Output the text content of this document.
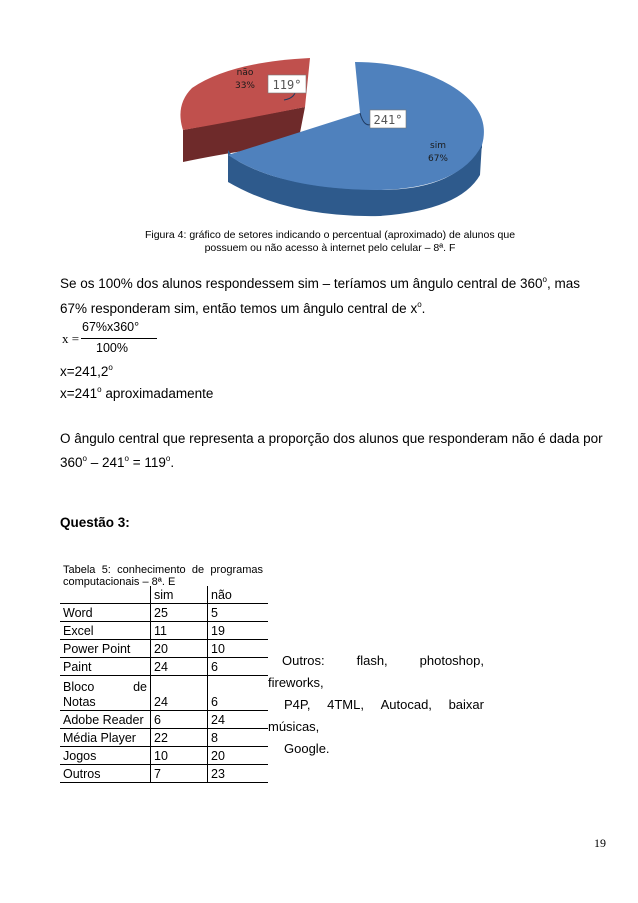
não
33% 119°
241°
sim
67%
Figura 4: gráfico de setores indicando o percentual (aproximado) de alunos que
possuem ou não acesso à internet pelo celular – 8ª. F
Se os 100% dos alunos respondessem sim – teríamos um ângulo central de 360$^o$, mas
67% responderam sim, então temos um ângulo central de $x^o$.
x =
67%x360°
100%
$x=241,2^o$
$x=241^o$ aproximadamente
O ângulo central que representa a proporção dos alunos que responderam não é dada por
$360^o - 241^o = 119^o$.
Questão 3:
Tabela 5: conhecimento de programas
computacionais – 8ª. E
	sim	não
Word	25	5
Excel	11	19
Power Point	20	10
Paint	24	6

Bloco de
Notas	24	6
Adobe Reader	6	24
Média Player	22	8
Jogos	10	20
Outros	7	23
Outros: flash, photoshop,
fireworks,
P4P, 4TML, Autocad, baixar
músicas,
Google.
19
